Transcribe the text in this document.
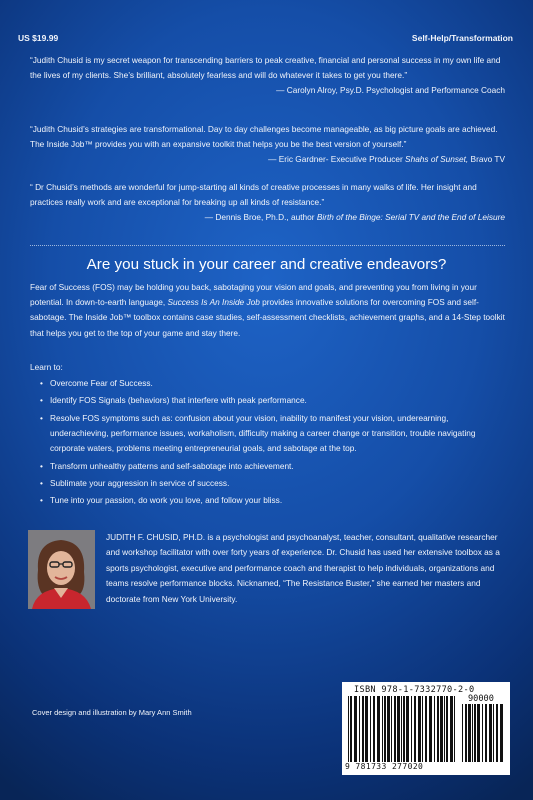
US $19.99	Self-Help/Transformation
“Judith Chusid is my secret weapon for transcending barriers to peak creative, financial and personal success in my own life and the lives of my clients. She’s brilliant, absolutely fearless and will do whatever it takes to get you there.”
— Carolyn Alroy, Psy.D. Psychologist and Performance Coach
“Judith Chusid’s strategies are transformational. Day to day challenges become manageable, as big picture goals are achieved. The Inside Job™ provides you with an expansive toolkit that helps you be the best version of yourself.”
— Eric Gardner- Executive Producer Shahs of Sunset, Bravo TV
“ Dr Chusid’s methods are wonderful for jump-starting all kinds of creative processes in many walks of life. Her insight and practices really work and are exceptional for breaking up all kinds of resistance.”
— Dennis Broe, Ph.D., author Birth of the Binge: Serial TV and the End of Leisure
Are you stuck in your career and creative endeavors?
Fear of Success (FOS) may be holding you back, sabotaging your vision and goals, and preventing you from living in your potential. In down-to-earth language, Success Is An Inside Job provides innovative solutions for overcoming FOS and self-sabotage. The Inside Job™ toolbox contains case studies, self-assessment checklists, achievement graphs, and a 14-Step toolkit that helps you get to the top of your game and stay there.
Learn to:
• Overcome Fear of Success.
• Identify FOS Signals (behaviors) that interfere with peak performance.
• Resolve FOS symptoms such as: confusion about your vision, inability to manifest your vision, underearning, underachieving, performance issues, workaholism, difficulty making a career change or transition, trouble navigating corporate waters, problems meeting entrepreneurial goals, and sabotage at the top.
• Transform unhealthy patterns and self-sabotage into achievement.
• Sublimate your aggression in service of success.
• Tune into your passion, do work you love, and follow your bliss.
JUDITH F. CHUSID, PH.D. is a psychologist and psychoanalyst, teacher, consultant, qualitative researcher and workshop facilitator with over forty years of experience. Dr. Chusid has used her extensive toolbox as a sports psychologist, executive and performance coach and therapist to help individuals, organizations and teams resolve performance blocks. Nicknamed, “The Resistance Buster,” she earned her masters and doctorate from New York University.
Cover design and illustration by Mary Ann Smith
ISBN 978-1-7332770-2-0
90000
9 781733 277020
